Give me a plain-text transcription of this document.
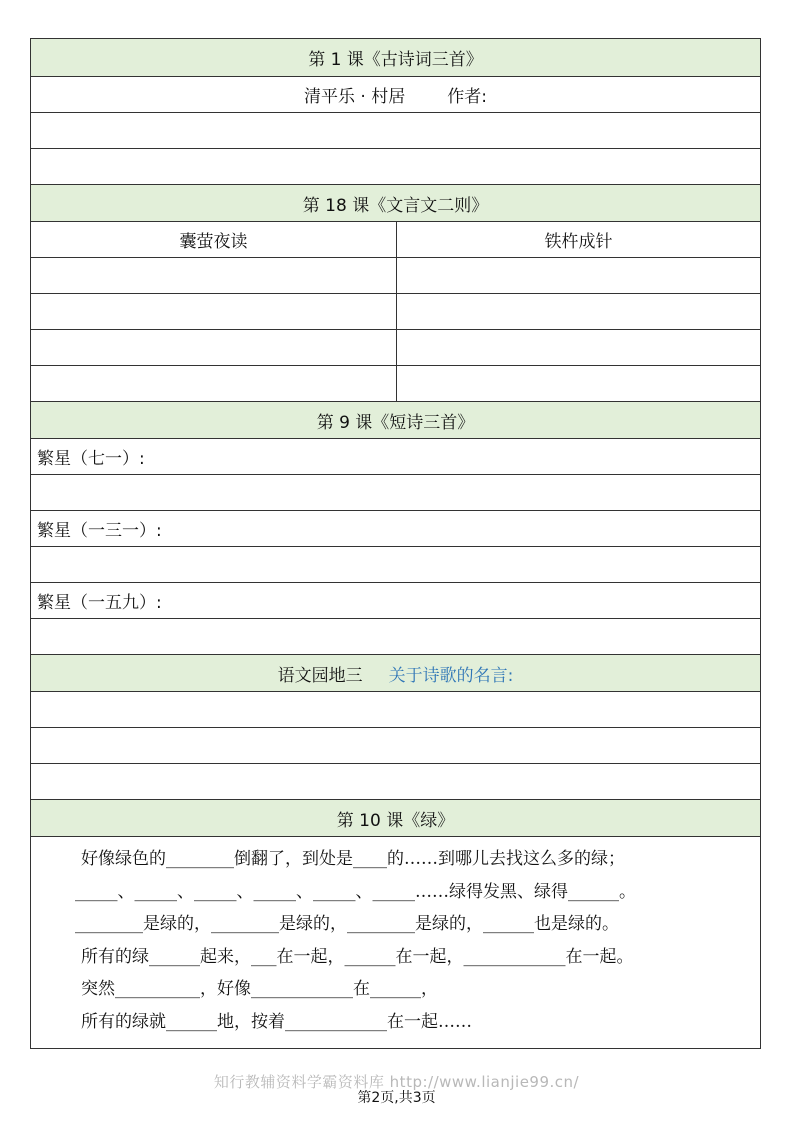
第 1 课《古诗词三首》
清平乐 · 村居 作者:
第 18 课《文言文二则》
囊萤夜读	铁杵成针
第 9 课《短诗三首》
繁星（七一）:
繁星（一三一）:
繁星（一五九）:
语文园地三 关于诗歌的名言:
第 10 课《绿》
好像绿色的________倒翻了，到处是____的……到哪儿去找这么多的绿；
_____、_____、_____、_____、_____、_____……绿得发黑、绿得______。
________是绿的，________是绿的，________是绿的，______也是绿的。
所有的绿______起来，___在一起，______在一起，____________在一起。
突然__________，好像____________在______，
所有的绿就______地，按着____________在一起……
知行教辅资料学霸资料库 http://www.lianjie99.cn/
第2页,共3页
